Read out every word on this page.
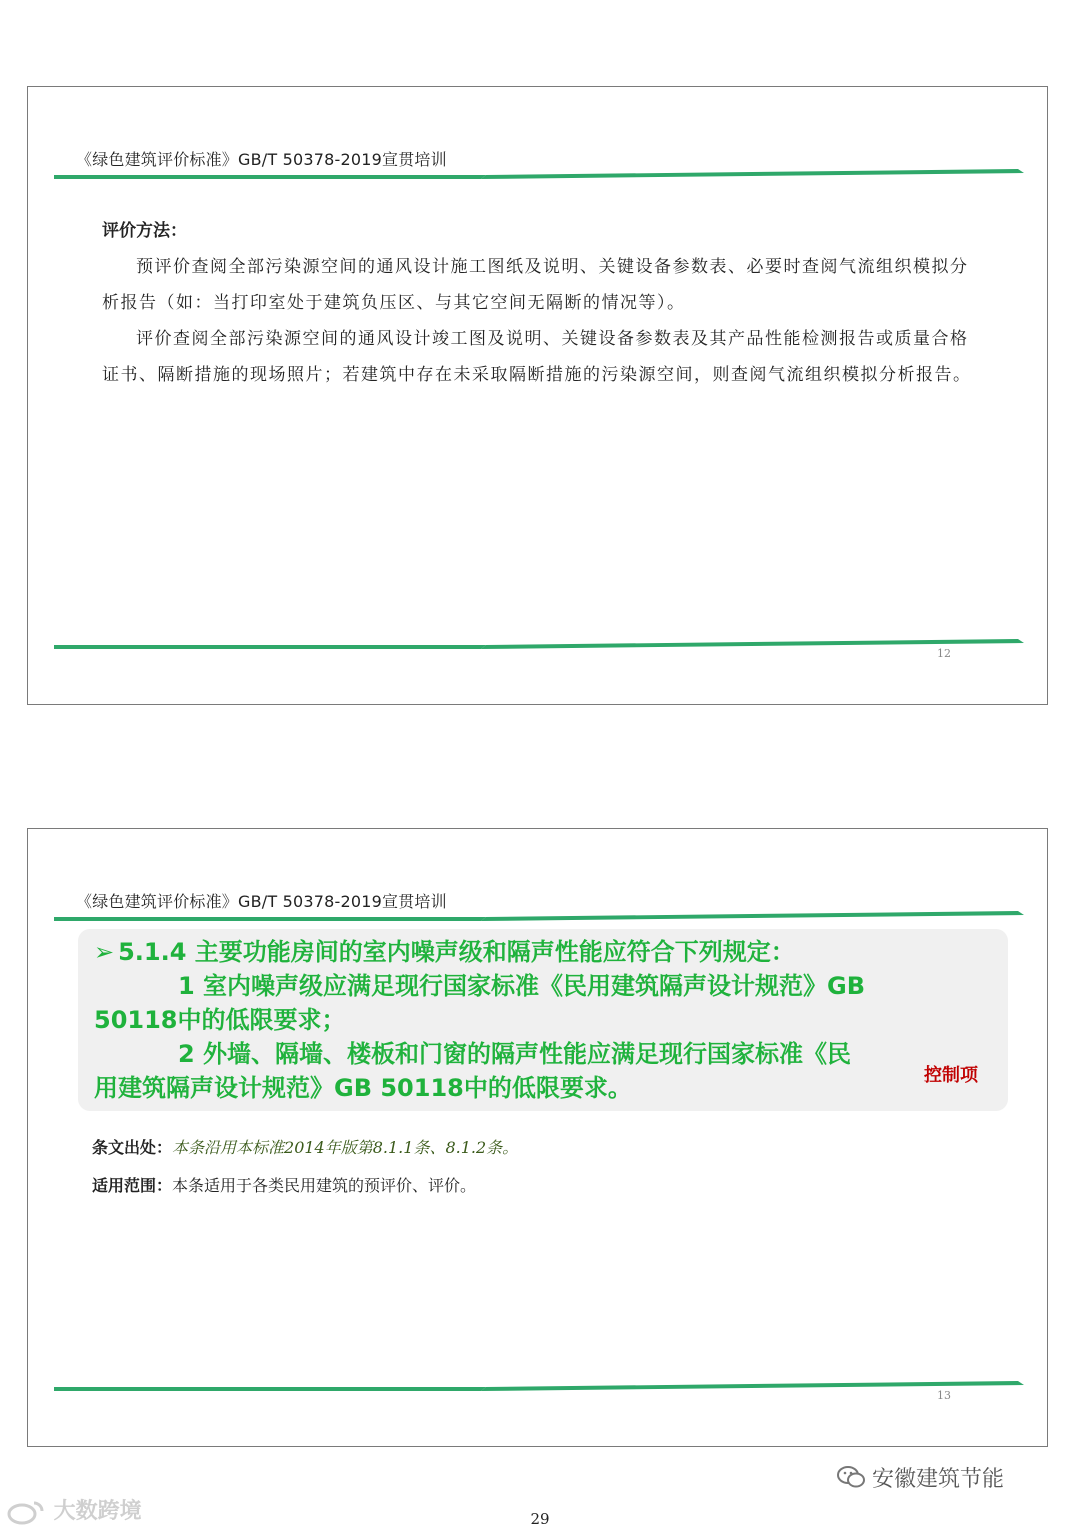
《绿色建筑评价标准》GB/T 50378-2019宣贯培训
评价方法：

预评价查阅全部污染源空间的通风设计施工图纸及说明、关键设备参数表、必要时查阅气流组织模拟分析报告（如：当打印室处于建筑负压区、与其它空间无隔断的情况等）。

评价查阅全部污染源空间的通风设计竣工图及说明、关键设备参数表及其产品性能检测报告或质量合格证书、隔断措施的现场照片；若建筑中存在未采取隔断措施的污染源空间，则查阅气流组织模拟分析报告。

12
《绿色建筑评价标准》GB/T 50378-2019宣贯培训
➢ 5.1.4 主要功能房间的室内噪声级和隔声性能应符合下列规定：
1 室内噪声级应满足现行国家标准《民用建筑隔声设计规范》GB
50118中的低限要求；
2 外墙、隔墙、楼板和门窗的隔声性能应满足现行国家标准《民
用建筑隔声设计规范》GB 50118中的低限要求。	控制项
条文出处：本条沿用本标准2014年版第8.1.1条、8.1.2条。
适用范围：本条适用于各类民用建筑的预评价、评价。
13
安徽建筑节能
大数跨境	29
